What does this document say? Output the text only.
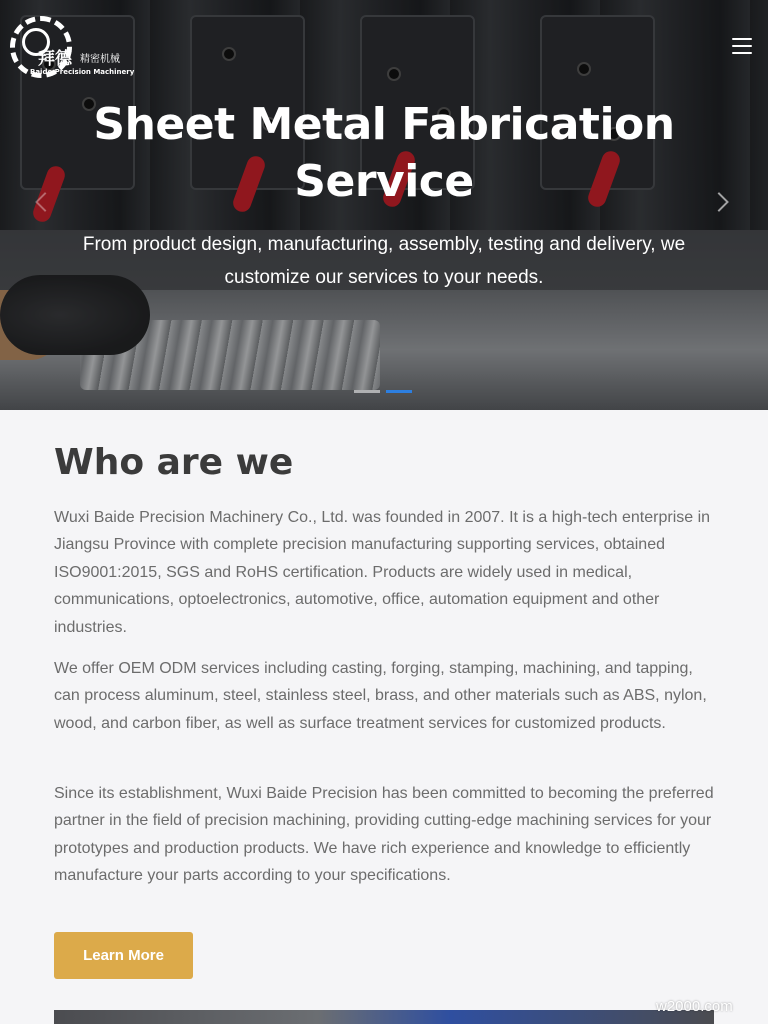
拜德 精密机械
Baide Precision Machinery
Sheet Metal Fabrication Service

From product design, manufacturing, assembly, testing and delivery, we customize our services to your needs.

Who are we

Wuxi Baide Precision Machinery Co., Ltd. was founded in 2007. It is a high-tech enterprise in Jiangsu Province with complete precision manufacturing supporting services, obtained ISO9001:2015, SGS and RoHS certification. Products are widely used in medical, communications, optoelectronics, automotive, office, automation equipment and other industries.

We offer OEM ODM services including casting, forging, stamping, machining, and tapping, can process aluminum, steel, stainless steel, brass, and other materials such as ABS, nylon, wood, and carbon fiber, as well as surface treatment services for customized products.

Since its establishment, Wuxi Baide Precision has been committed to becoming the preferred partner in the field of precision machining, providing cutting-edge machining services for your prototypes and production products. We have rich experience and knowledge to efficiently manufacture your parts according to your specifications.

Learn More
w2000.com
